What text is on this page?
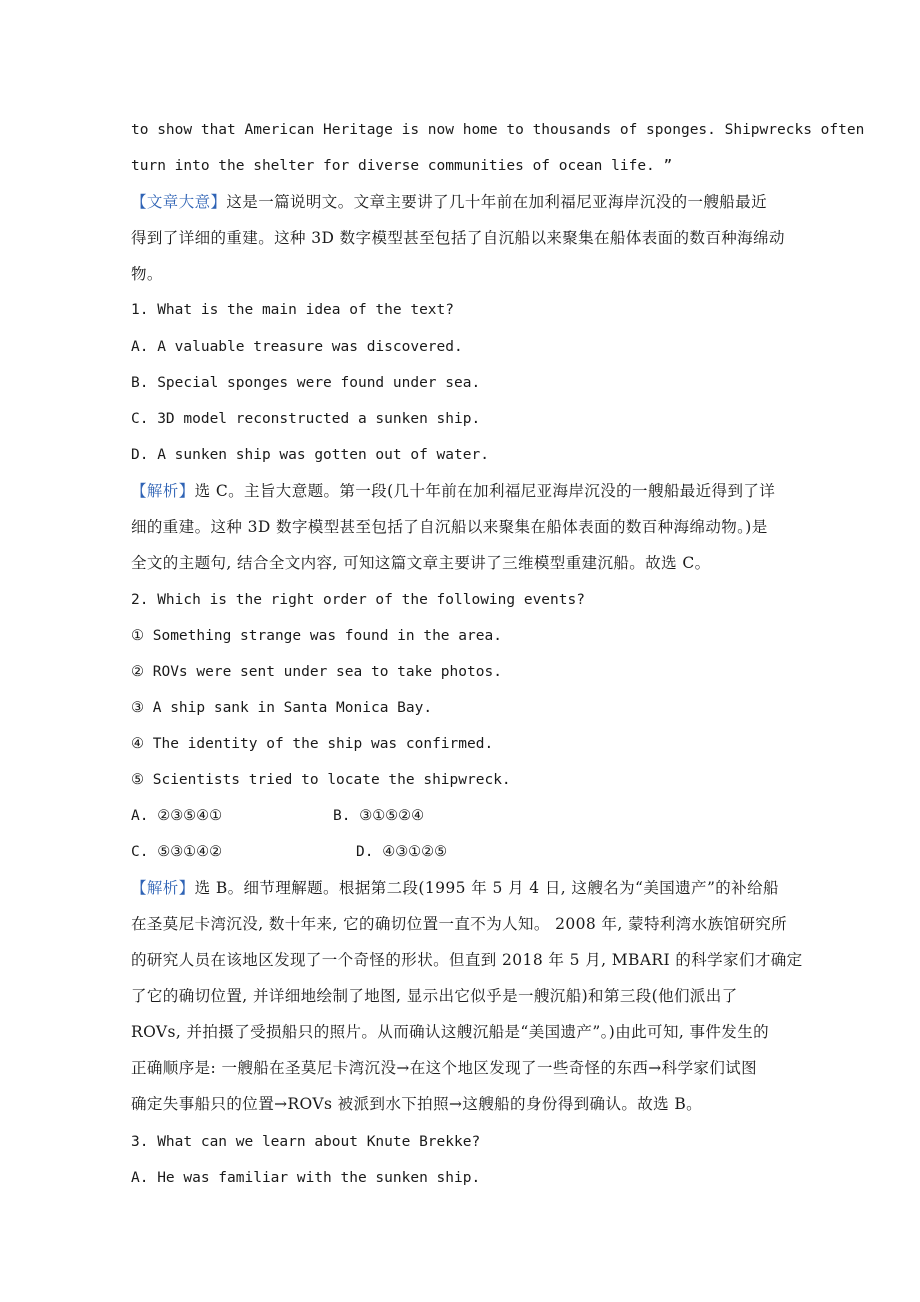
to show that American Heritage is now home to thousands of sponges. Shipwrecks often
turn into the shelter for diverse communities of ocean life. ”
【文章大意】这是一篇说明文。文章主要讲了几十年前在加利福尼亚海岸沉没的一艘船最近
得到了详细的重建。这种 3D 数字模型甚至包括了自沉船以来聚集在船体表面的数百种海绵动
物。
1. What is the main idea of the text?
A. A valuable treasure was discovered.
B. Special sponges were found under sea.
C. 3D model reconstructed a sunken ship.
D. A sunken ship was gotten out of water.
【解析】选 C。主旨大意题。第一段(几十年前在加利福尼亚海岸沉没的一艘船最近得到了详
细的重建。这种 3D 数字模型甚至包括了自沉船以来聚集在船体表面的数百种海绵动物。)是
全文的主题句, 结合全文内容, 可知这篇文章主要讲了三维模型重建沉船。故选 C。
2. Which is the right order of the following events?
① Something strange was found in the area.
② ROVs were sent under sea to take photos.
③ A ship sank in Santa Monica Bay.
④ The identity of the ship was confirmed.
⑤ Scientists tried to locate the shipwreck.
A. ②③⑤④①	B. ③①⑤②④
C. ⑤③①④②	D. ④③①②⑤
【解析】选 B。细节理解题。根据第二段(1995 年 5 月 4 日, 这艘名为“美国遗产”的补给船
在圣莫尼卡湾沉没, 数十年来, 它的确切位置一直不为人知。 2008 年, 蒙特利湾水族馆研究所
的研究人员在该地区发现了一个奇怪的形状。但直到 2018 年 5 月, MBARI 的科学家们才确定
了它的确切位置, 并详细地绘制了地图, 显示出它似乎是一艘沉船)和第三段(他们派出了
ROVs, 并拍摄了受损船只的照片。从而确认这艘沉船是“美国遗产”。)由此可知, 事件发生的
正确顺序是: 一艘船在圣莫尼卡湾沉没→在这个地区发现了一些奇怪的东西→科学家们试图
确定失事船只的位置→ROVs 被派到水下拍照→这艘船的身份得到确认。故选 B。
3. What can we learn about Knute Brekke?
A. He was familiar with the sunken ship.
